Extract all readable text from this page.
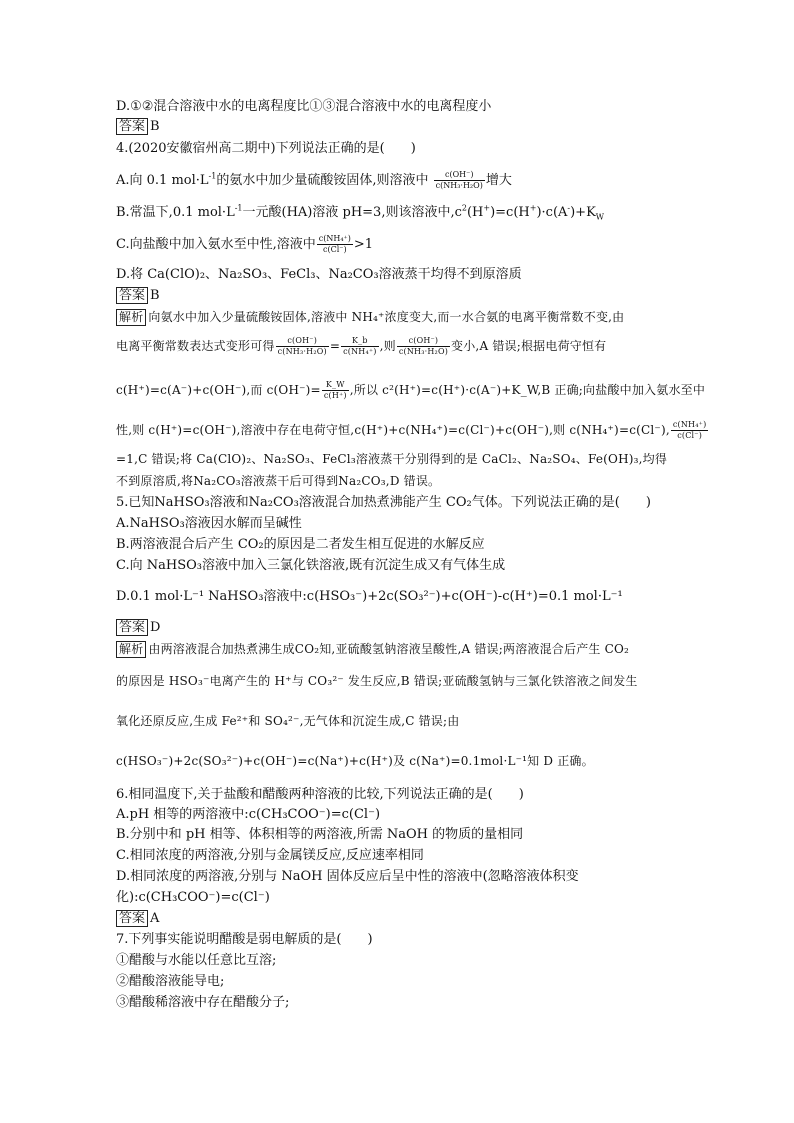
D.①②混合溶液中水的电离程度比①③混合溶液中水的电离程度小
答案 B
4.(2020安徽宿州高二期中)下列说法正确的是(　　)
A.向 0.1 $mol\cdot L^{-1}$的氨水中加少量硫酸铵固体,则溶液中 $\frac{c(OH^-)}{\text{c(NH₃·H₂O)}}$ 增大
B.常温下,0.1 $mol\cdot L^{-1}$一元酸(HA)溶液 pH=3,则该溶液中$,c^2(H^+)=c(H^+)\cdot c(A^-)+K_W$
C.向盐酸中加入氨水至中性,溶液中 $\frac{\text{c(NH₄⁺)}}{c(Cl^-)} >1$
D.将 Ca(ClO)₂、Na₂SO₃、FeCl₃、Na₂CO₃溶液蒸干均得不到原溶质
答案 B
解析 向氨水中加入少量硫酸铵固体,溶液中 NH₄⁺浓度变大,而一水合氨的电离平衡常数不变,由
电离平衡常数表达式变形可得 $\frac{c(OH^-)}{\text{c(NH₃·H₂O)}} = \frac{K\_b}{\text{c(NH₄⁺)}}$ ,则 $\frac{c(OH^-)}{\text{c(NH₃·H₂O)}}$ 变小,A 错误;根据电荷守恒有
c(H⁺)=c(A⁻)+c(OH⁻),而 $c(OH^-)= \frac{K\_W}{c(H^+)}$ ,所以 c²(H⁺)=c(H⁺)·c(A⁻)+K_W,B 正确;向盐酸中加入氨水至中
性,则 c(H⁺)=c(OH⁻),溶液中存在电荷守恒,c(H⁺)+c(NH₄⁺)=c(Cl⁻)+c(OH⁻),则 c(NH₄⁺)=c(Cl⁻), $\frac{\text{c(NH₄⁺)}}{c(Cl^-)}$
=1,C 错误;将 Ca(ClO)₂、Na₂SO₃、FeCl₃溶液蒸干分别得到的是 CaCl₂、Na₂SO₄、Fe(OH)₃,均得
不到原溶质,将Na₂CO₃溶液蒸干后可得到Na₂CO₃,D 错误。
5.已知NaHSO₃溶液和Na₂CO₃溶液混合加热煮沸能产生 CO₂气体。下列说法正确的是(　　)
A.NaHSO₃溶液因水解而呈碱性
B.两溶液混合后产生 CO₂的原因是二者发生相互促进的水解反应
C.向 NaHSO₃溶液中加入三氯化铁溶液,既有沉淀生成又有气体生成
D.0.1 mol·L⁻¹ NaHSO₃溶液中:c(HSO₃⁻)+2c(SO₃²⁻)+c(OH⁻)-c(H⁺)=0.1 mol·L⁻¹
答案 D
解析 由两溶液混合加热煮沸生成CO₂知,亚硫酸氢钠溶液呈酸性,A 错误;两溶液混合后产生 CO₂
的原因是 HSO₃⁻电离产生的 H⁺与 CO₃²⁻ 发生反应,B 错误;亚硫酸氢钠与三氯化铁溶液之间发生
氧化还原反应,生成 Fe²⁺和 SO₄²⁻,无气体和沉淀生成,C 错误;由
c(HSO₃⁻)+2c(SO₃²⁻)+c(OH⁻)=c(Na⁺)+c(H⁺)及 c(Na⁺)=0.1mol·L⁻¹知 D 正确。
6.相同温度下,关于盐酸和醋酸两种溶液的比较,下列说法正确的是(　　)
A.pH 相等的两溶液中:c(CH₃COO⁻)=c(Cl⁻)
B.分别中和 pH 相等、体积相等的两溶液,所需 NaOH 的物质的量相同
C.相同浓度的两溶液,分别与金属镁反应,反应速率相同
D.相同浓度的两溶液,分别与 NaOH 固体反应后呈中性的溶液中(忽略溶液体积变
化):c(CH₃COO⁻)=c(Cl⁻)
答案 A
7.下列事实能说明醋酸是弱电解质的是(　　)
①醋酸与水能以任意比互溶;
②醋酸溶液能导电;
③醋酸稀溶液中存在醋酸分子;
